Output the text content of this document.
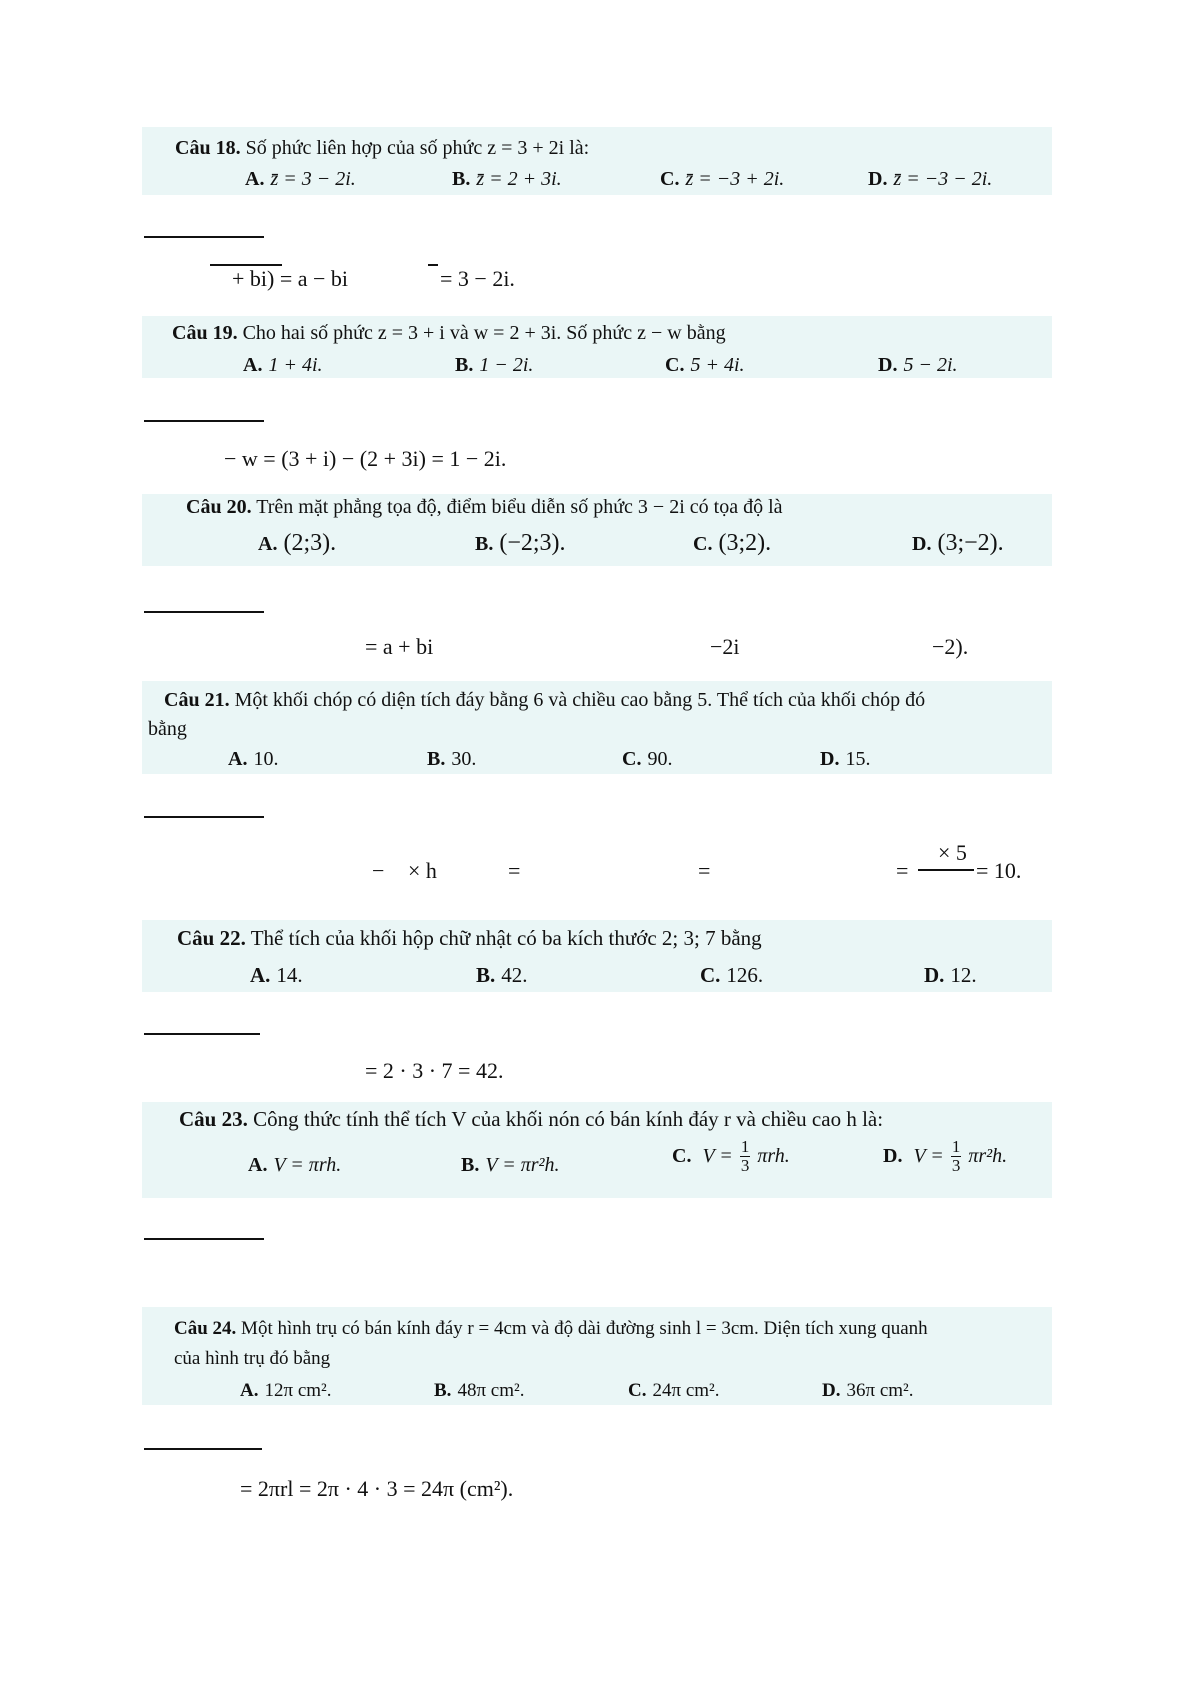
Câu 18. Số phức liên hợp của số phức z = 3 + 2i là:
A. z̄ = 3 − 2i.	B. z̄ = 2 + 3i.	C. z̄ = −3 + 2i.	D. z̄ = −3 − 2i.
+ bi) = a − bi	= 3 − 2i.
Câu 19. Cho hai số phức z = 3 + i và w = 2 + 3i. Số phức z − w bằng
A. 1 + 4i.	B. 1 − 2i.	C. 5 + 4i.	D. 5 − 2i.
− w = (3 + i) − (2 + 3i) = 1 − 2i.
Câu 20. Trên mặt phẳng tọa độ, điểm biểu diễn số phức 3 − 2i có tọa độ là
A. (2;3).	B. (−2;3).	C. (3;2).	D. (3;−2).
= a + bi	−2i	−2).
Câu 21. Một khối chóp có diện tích đáy bằng 6 và chiều cao bằng 5. Thể tích của khối chóp đó
bằng
A. 10.	B. 30.	C. 90.	D. 15.
− × h	=	=	=
× 5
= 10.
Câu 22. Thể tích của khối hộp chữ nhật có ba kích thước 2; 3; 7 bằng
A. 14.	B. 42.	C. 126.	D. 12.
= 2 · 3 · 7 = 42.
Câu 23. Công thức tính thể tích V của khối nón có bán kính đáy r và chiều cao h là:
A. V = πrh.	B. V = πr²h.	C. $V = \frac{1}{3} \pi rh$.	D. $V = \frac{1}{3} \pi r^2h$.
Câu 24. Một hình trụ có bán kính đáy r = 4cm và độ dài đường sinh l = 3cm. Diện tích xung quanh
của hình trụ đó bằng
A. 12π cm².	B. 48π cm².	C. 24π cm².	D. 36π cm².
= 2πrl = 2π · 4 · 3 = 24π (cm²).
